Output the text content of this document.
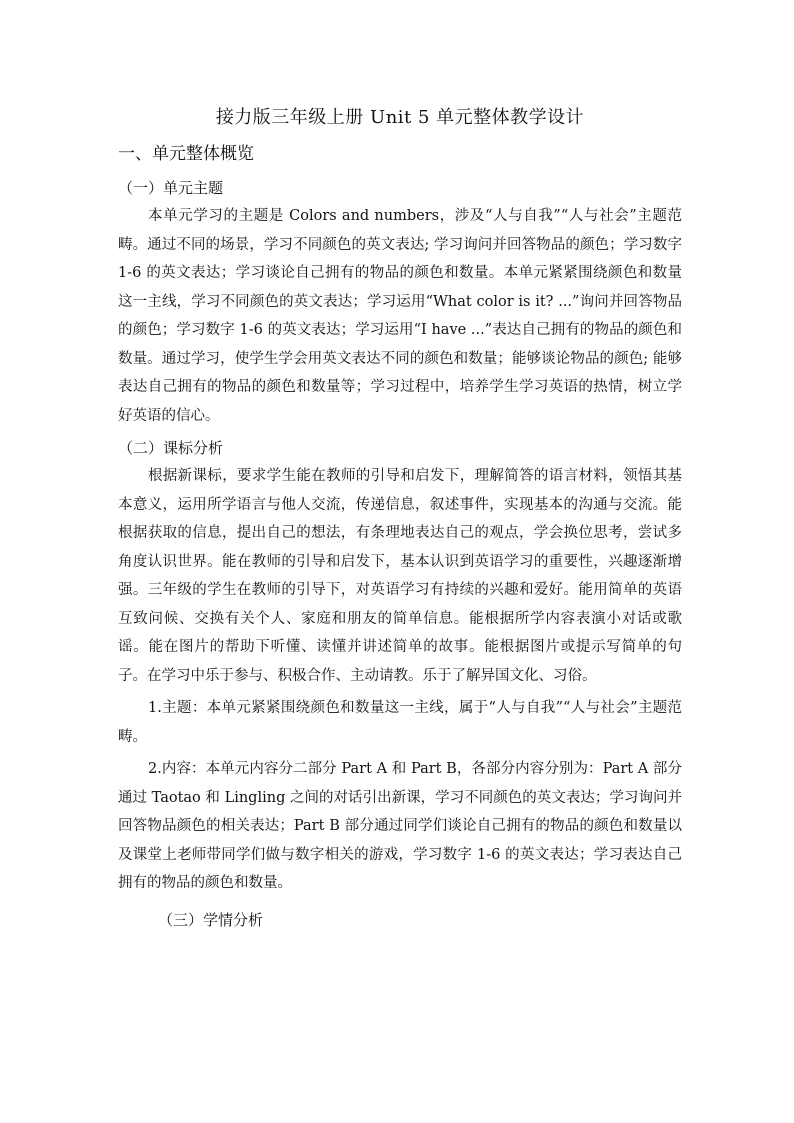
接力版三年级上册 Unit 5 单元整体教学设计
一、单元整体概览
（一）单元主题

本单元学习的主题是 Colors and numbers，涉及“人与自我”“人与社会”主题范畴。通过不同的场景，学习不同颜色的英文表达; 学习询问并回答物品的颜色；学习数字 1-6 的英文表达；学习谈论自己拥有的物品的颜色和数量。本单元紧紧围绕颜色和数量这一主线，学习不同颜色的英文表达；学习运用“What color is it? ...”询问并回答物品的颜色；学习数字 1-6 的英文表达；学习运用“I have ...”表达自己拥有的物品的颜色和数量。通过学习，使学生学会用英文表达不同的颜色和数量；能够谈论物品的颜色; 能够表达自己拥有的物品的颜色和数量等；学习过程中，培养学生学习英语的热情，树立学好英语的信心。

（二）课标分析

根据新课标，要求学生能在教师的引导和启发下，理解简答的语言材料，领悟其基本意义，运用所学语言与他人交流，传递信息，叙述事件，实现基本的沟通与交流。能根据获取的信息，提出自己的想法，有条理地表达自己的观点，学会换位思考，尝试多角度认识世界。能在教师的引导和启发下，基本认识到英语学习的重要性，兴趣逐渐增强。三年级的学生在教师的引导下，对英语学习有持续的兴趣和爱好。能用简单的英语互致问候、交换有关个人、家庭和朋友的简单信息。能根据所学内容表演小对话或歌谣。能在图片的帮助下听懂、读懂并讲述简单的故事。能根据图片或提示写简单的句子。在学习中乐于参与、积极合作、主动请教。乐于了解异国文化、习俗。

1.主题：本单元紧紧围绕颜色和数量这一主线，属于“人与自我”“人与社会”主题范畴。

2.内容：本单元内容分二部分 Part A 和 Part B，各部分内容分别为：Part A 部分通过 Taotao 和 Lingling 之间的对话引出新课，学习不同颜色的英文表达；学习询问并回答物品颜色的相关表达；Part B 部分通过同学们谈论自己拥有的物品的颜色和数量以及课堂上老师带同学们做与数字相关的游戏，学习数字 1-6 的英文表达；学习表达自己拥有的物品的颜色和数量。

（三）学情分析
